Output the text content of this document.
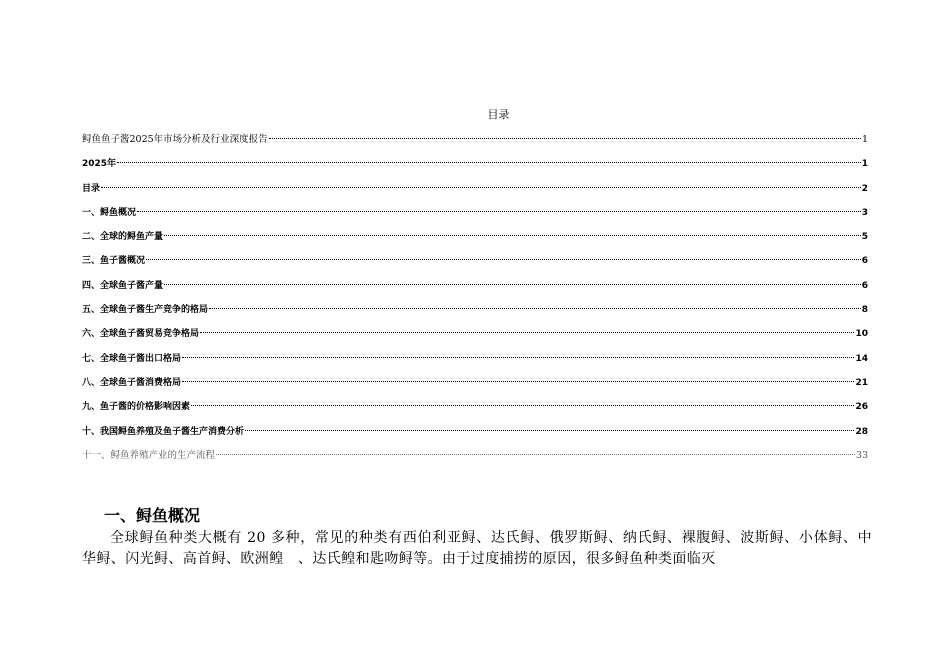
目录
鲟鱼鱼子酱2025年市场分析及行业深度报告	1
2025年	1
目录	2
一、鲟鱼概况	3
二、全球的鲟鱼产量	5
三、鱼子酱概况	6
四、全球鱼子酱产量	6
五、全球鱼子酱生产竞争的格局	8
六、全球鱼子酱贸易竞争格局	10
七、全球鱼子酱出口格局	14
八、全球鱼子酱消费格局	21
九、鱼子酱的价格影响因素	26
十、我国鲟鱼养殖及鱼子酱生产消费分析	28
十一、鲟鱼养殖产业的生产流程	33
一、鲟鱼概况
全球鲟鱼种类大概有 20 多种，常见的种类有西伯利亚鲟、达氏鲟、俄罗斯鲟、纳氏鲟、裸腹鲟、波斯鲟、小体鲟、中华鲟、闪光鲟、高首鲟、欧洲鳇　、达氏鳇和匙吻鲟等。由于过度捕捞的原因，很多鲟鱼种类面临灭
